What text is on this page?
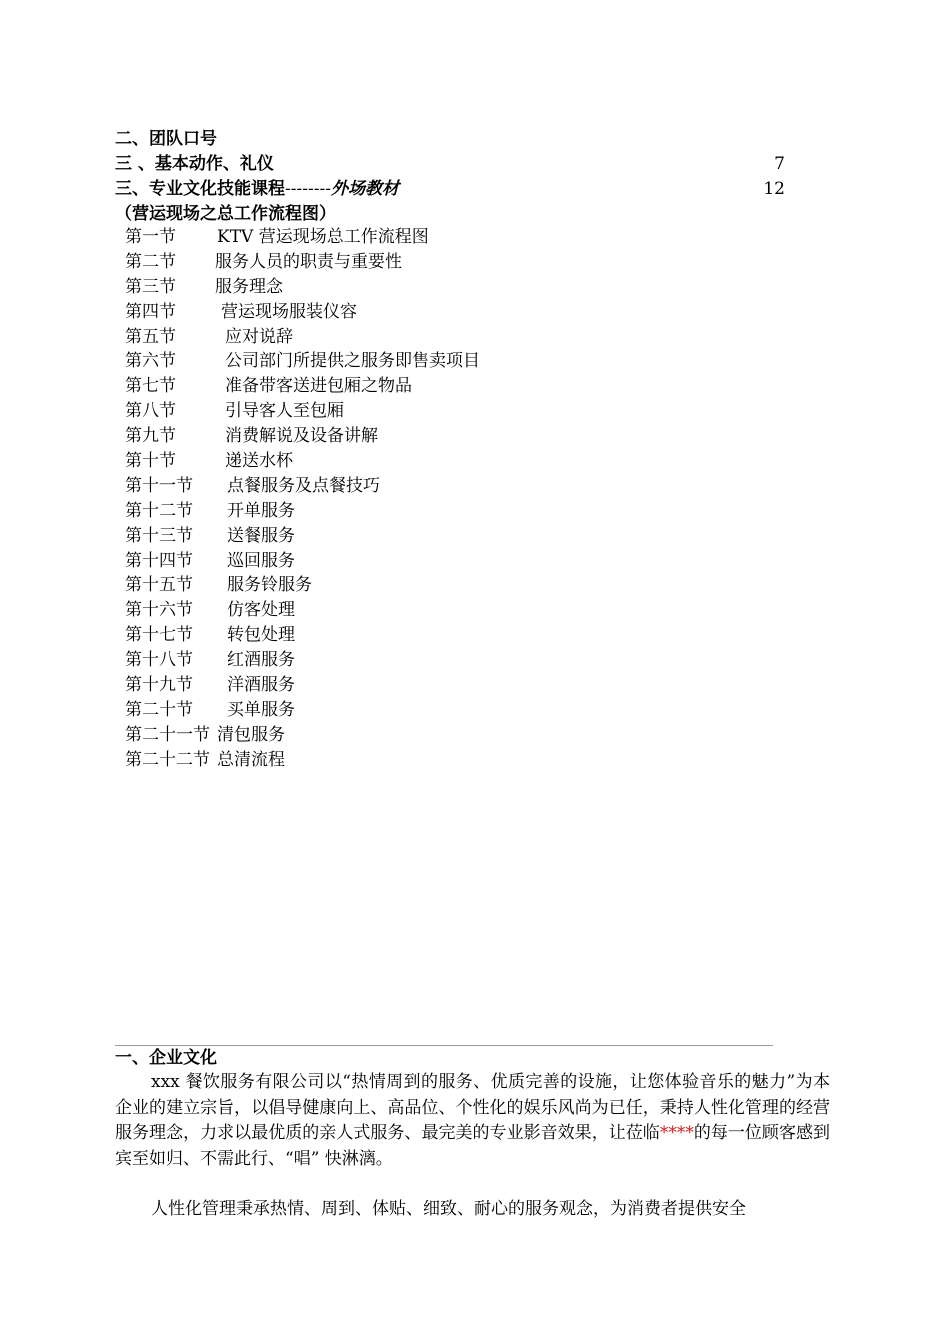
二、团队口号
三 、基本动作、礼仪	7
三、专业文化技能课程--------外场教材	12
（营运现场之总工作流程图）
第一节	KTV 营运现场总工作流程图
第二节	服务人员的职责与重要性
第三节	服务理念
第四节	营运现场服装仪容
第五节	应对说辞
第六节	公司部门所提供之服务即售卖项目
第七节	准备带客送进包厢之物品
第八节	引导客人至包厢
第九节	消费解说及设备讲解
第十节	递送水杯
第十一节	点餐服务及点餐技巧
第十二节	开单服务
第十三节	送餐服务
第十四节	巡回服务
第十五节	服务铃服务
第十六节	仿客处理
第十七节	转包处理
第十八节	红酒服务
第十九节	洋酒服务
第二十节	买单服务
第二十一节 清包服务
第二十二节 总清流程
一、企业文化

xxx 餐饮服务有限公司以“热情周到的服务、优质完善的设施，让您体验音乐的魅力”为本企业的建立宗旨，以倡导健康向上、高品位、个性化的娱乐风尚为已任，秉持人性化管理的经营服务理念，力求以最优质的亲人式服务、最完美的专业影音效果，让莅临****的每一位顾客感到宾至如归、不需此行、“唱” 快淋漓。

人性化管理秉承热情、周到、体贴、细致、耐心的服务观念，为消费者提供安全
